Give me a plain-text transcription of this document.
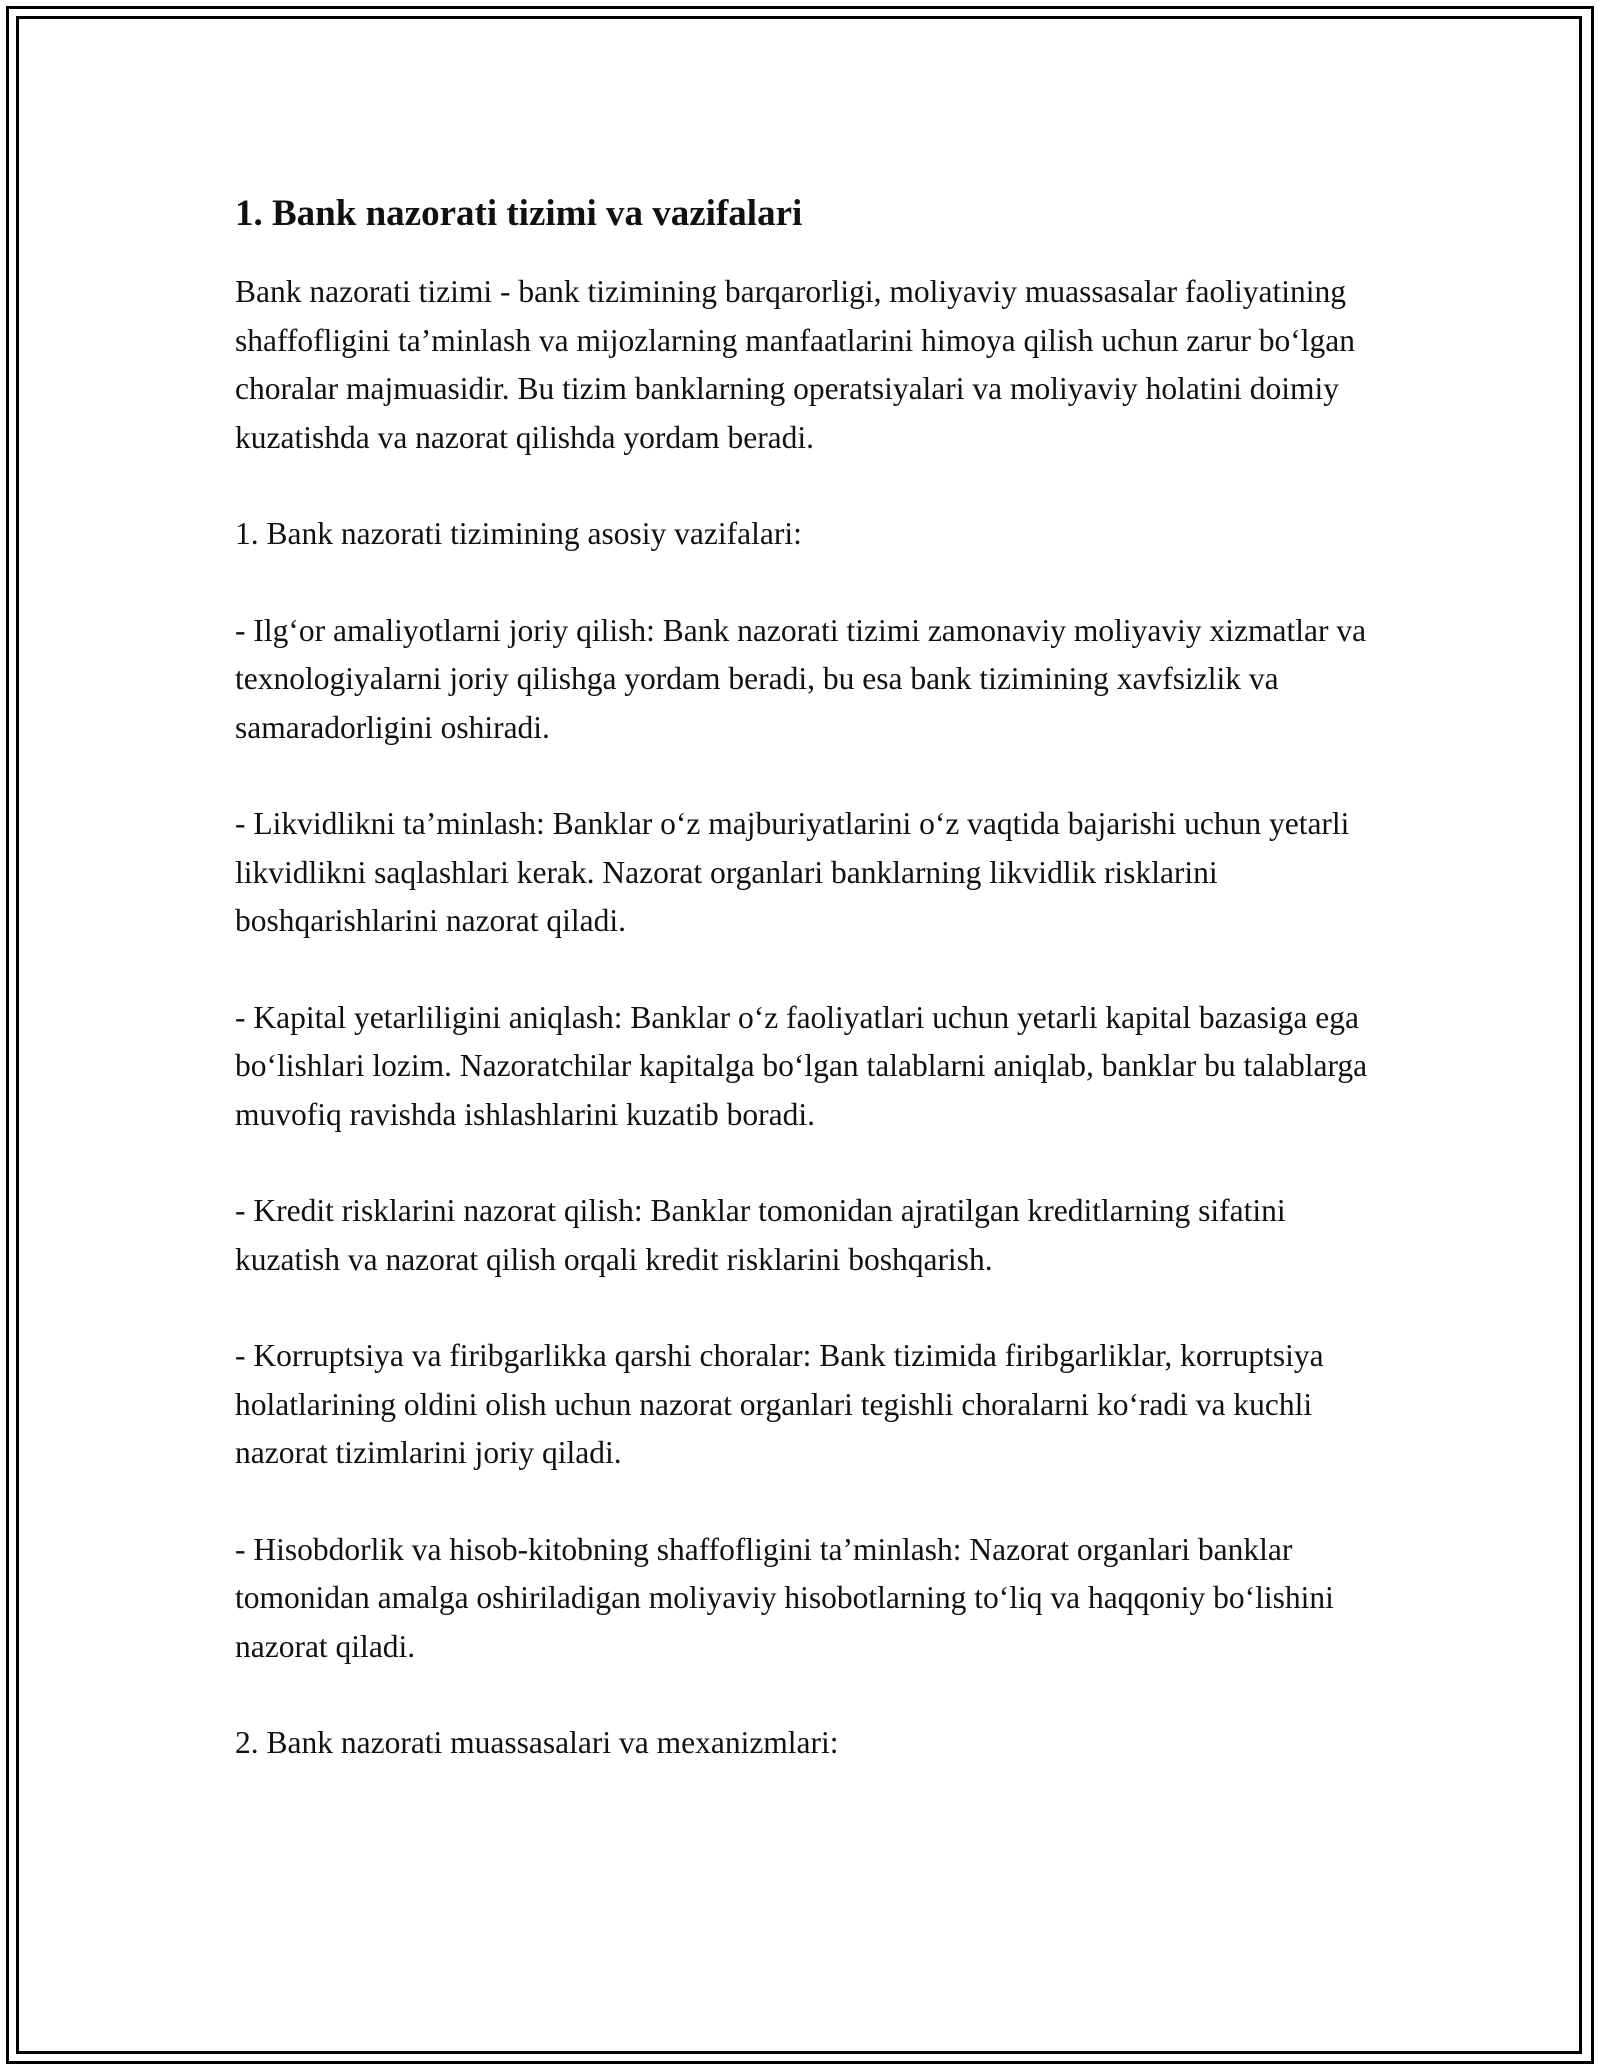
1. Bank nazorati tizimi va vazifalari

Bank nazorati tizimi - bank tizimining barqarorligi, moliyaviy muassasalar faoliyatining shaffofligini ta’minlash va mijozlarning manfaatlarini himoya qilish uchun zarur boʻlgan choralar majmuasidir. Bu tizim banklarning operatsiyalari va moliyaviy holatini doimiy kuzatishda va nazorat qilishda yordam beradi.

1. Bank nazorati tizimining asosiy vazifalari:

- Ilgʻor amaliyotlarni joriy qilish: Bank nazorati tizimi zamonaviy moliyaviy xizmatlar va texnologiyalarni joriy qilishga yordam beradi, bu esa bank tizimining xavfsizlik va samaradorligini oshiradi.

- Likvidlikni ta’minlash: Banklar oʻz majburiyatlarini oʻz vaqtida bajarishi uchun yetarli likvidlikni saqlashlari kerak. Nazorat organlari banklarning likvidlik risklarini boshqarishlarini nazorat qiladi.

- Kapital yetarliligini aniqlash: Banklar oʻz faoliyatlari uchun yetarli kapital bazasiga ega boʻlishlari lozim. Nazoratchilar kapitalga boʻlgan talablarni aniqlab, banklar bu talablarga muvofiq ravishda ishlashlarini kuzatib boradi.

- Kredit risklarini nazorat qilish: Banklar tomonidan ajratilgan kreditlarning sifatini kuzatish va nazorat qilish orqali kredit risklarini boshqarish.

- Korruptsiya va firibgarlikka qarshi choralar: Bank tizimida firibgarliklar, korruptsiya holatlarining oldini olish uchun nazorat organlari tegishli choralarni koʻradi va kuchli nazorat tizimlarini joriy qiladi.

- Hisobdorlik va hisob-kitobning shaffofligini ta’minlash: Nazorat organlari banklar tomonidan amalga oshiriladigan moliyaviy hisobotlarning toʻliq va haqqoniy boʻlishini nazorat qiladi.

2. Bank nazorati muassasalari va mexanizmlari:
